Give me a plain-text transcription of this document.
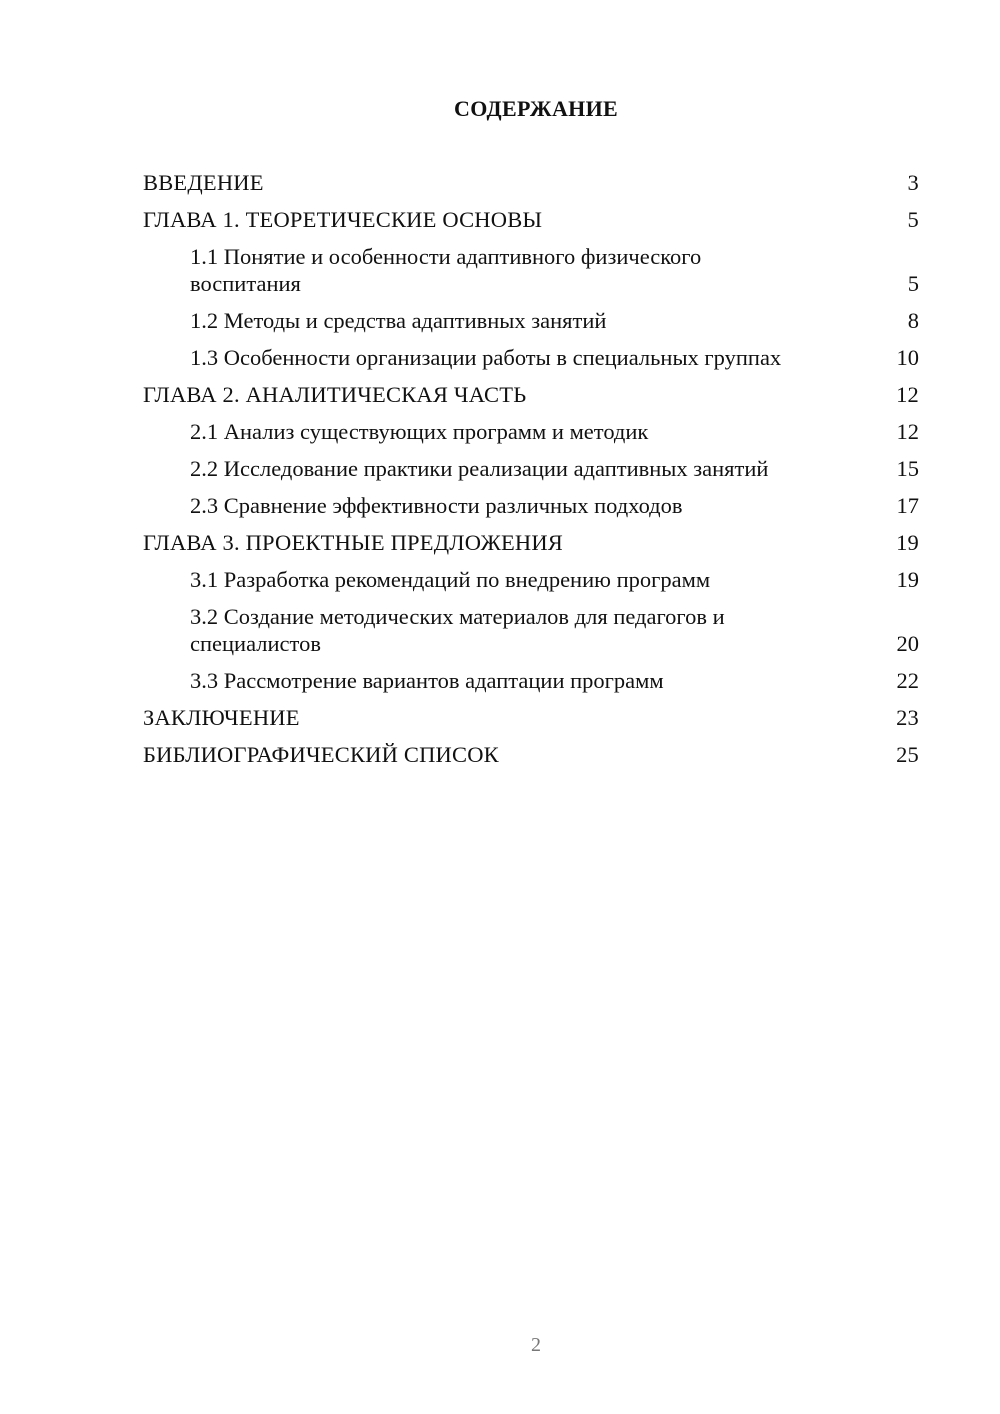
СОДЕРЖАНИЕ
ВВЕДЕНИЕ	3
ГЛАВА 1. ТЕОРЕТИЧЕСКИЕ ОСНОВЫ	5
1.1 Понятие и особенности адаптивного физического воспитания	5
1.2 Методы и средства адаптивных занятий	8
1.3 Особенности организации работы в специальных группах	10
ГЛАВА 2. АНАЛИТИЧЕСКАЯ ЧАСТЬ	12
2.1 Анализ существующих программ и методик	12
2.2 Исследование практики реализации адаптивных занятий	15
2.3 Сравнение эффективности различных подходов	17
ГЛАВА 3. ПРОЕКТНЫЕ ПРЕДЛОЖЕНИЯ	19
3.1 Разработка рекомендаций по внедрению программ	19
3.2 Создание методических материалов для педагогов и специалистов	20
3.3 Рассмотрение вариантов адаптации программ	22
ЗАКЛЮЧЕНИЕ	23
БИБЛИОГРАФИЧЕСКИЙ СПИСОК	25
2
